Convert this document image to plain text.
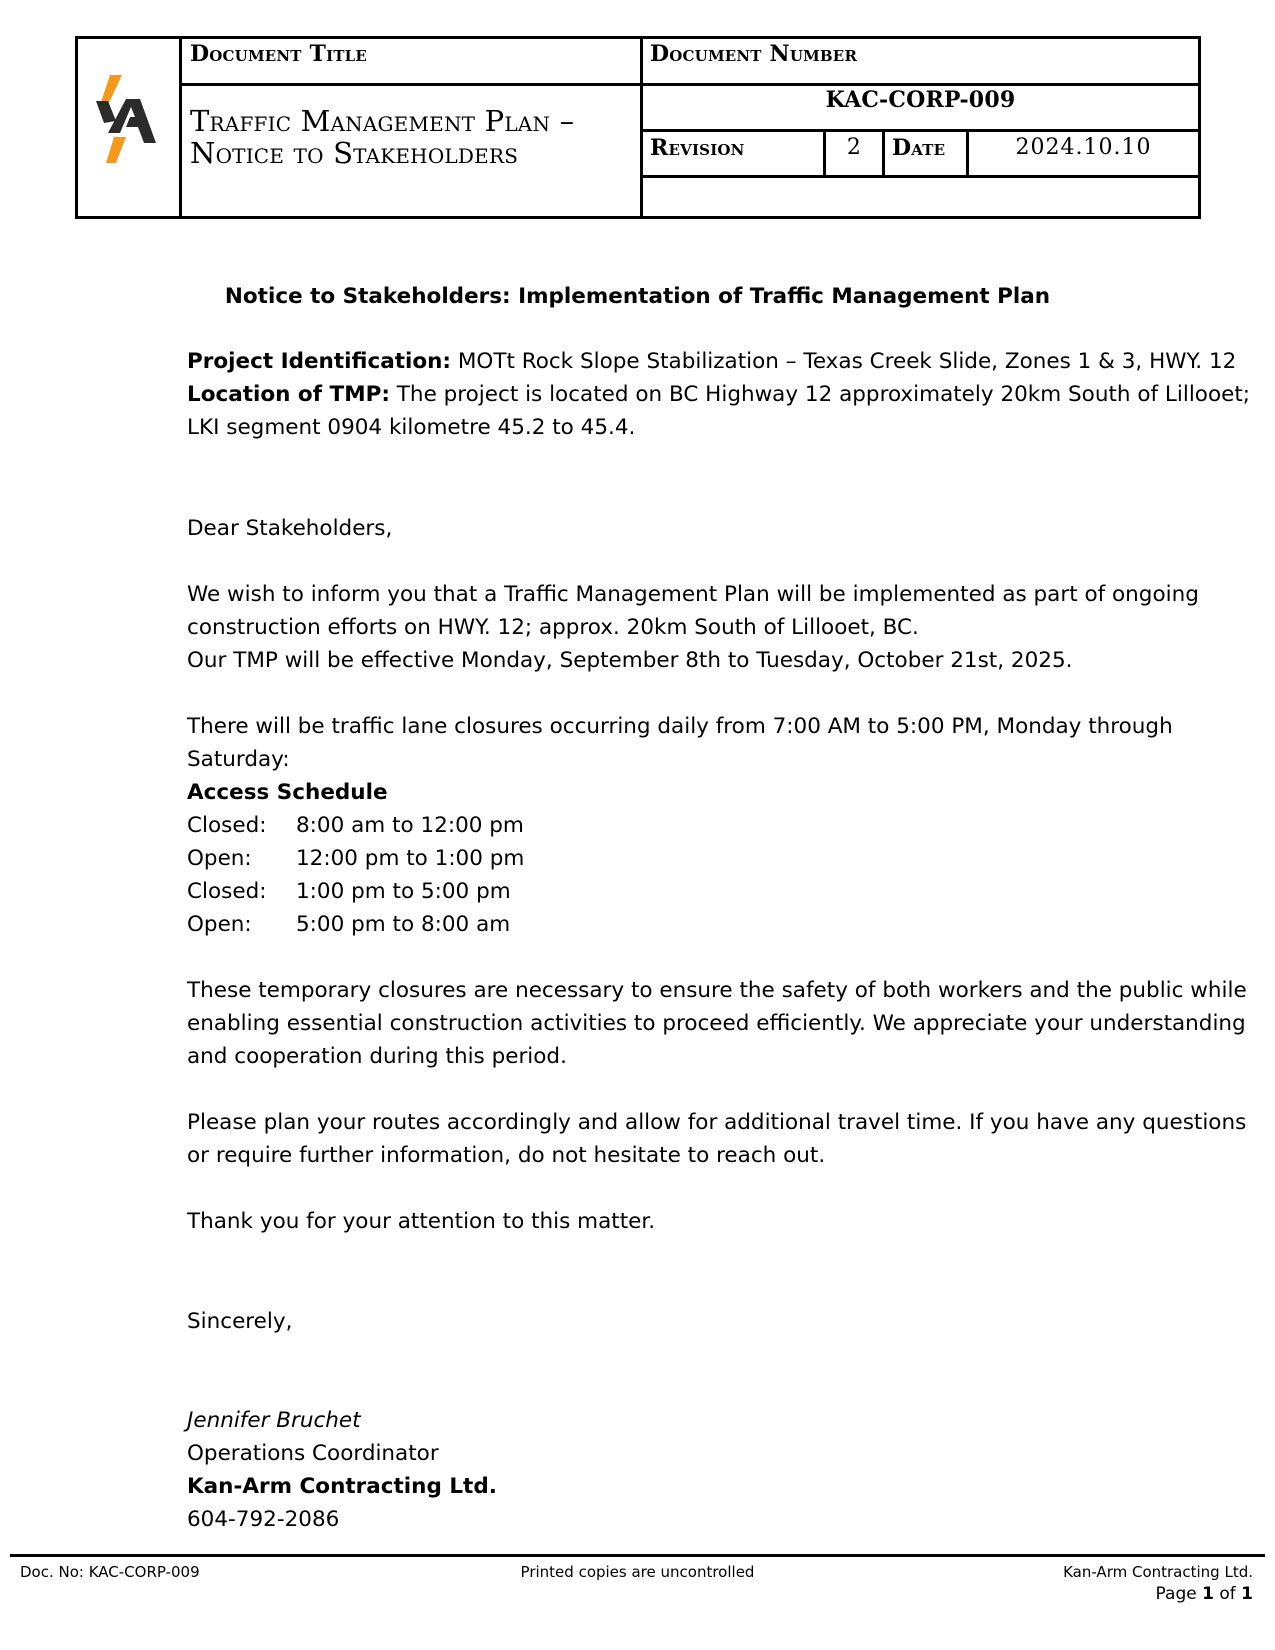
Document Title
Traffic Management Plan –
Notice to Stakeholders
Document Number
KAC-CORP-009
Revision	2	Date	2024.10.10
Notice to Stakeholders: Implementation of Traffic Management Plan
Project Identification: MOTt Rock Slope Stabilization – Texas Creek Slide, Zones 1 & 3, HWY. 12
Location of TMP: The project is located on BC Highway 12 approximately 20km South of Lillooet;
LKI segment 0904 kilometre 45.2 to 45.4.
Dear Stakeholders,
We wish to inform you that a Traffic Management Plan will be implemented as part of ongoing
construction efforts on HWY. 12; approx. 20km South of Lillooet, BC.
Our TMP will be effective Monday, September 8th to Tuesday, October 21st, 2025.
There will be traffic lane closures occurring daily from 7:00 AM to 5:00 PM, Monday through
Saturday:
Access Schedule
Closed: 8:00 am to 12:00 pm
Open: 12:00 pm to 1:00 pm
Closed: 1:00 pm to 5:00 pm
Open: 5:00 pm to 8:00 am
These temporary closures are necessary to ensure the safety of both workers and the public while
enabling essential construction activities to proceed efficiently. We appreciate your understanding
and cooperation during this period.
Please plan your routes accordingly and allow for additional travel time. If you have any questions
or require further information, do not hesitate to reach out.
Thank you for your attention to this matter.
Sincerely,
Jennifer Bruchet
Operations Coordinator
Kan-Arm Contracting Ltd.
604-792-2086
Doc. No: KAC-CORP-009	Printed copies are uncontrolled	Kan-Arm Contracting Ltd.
Page 1 of 1
